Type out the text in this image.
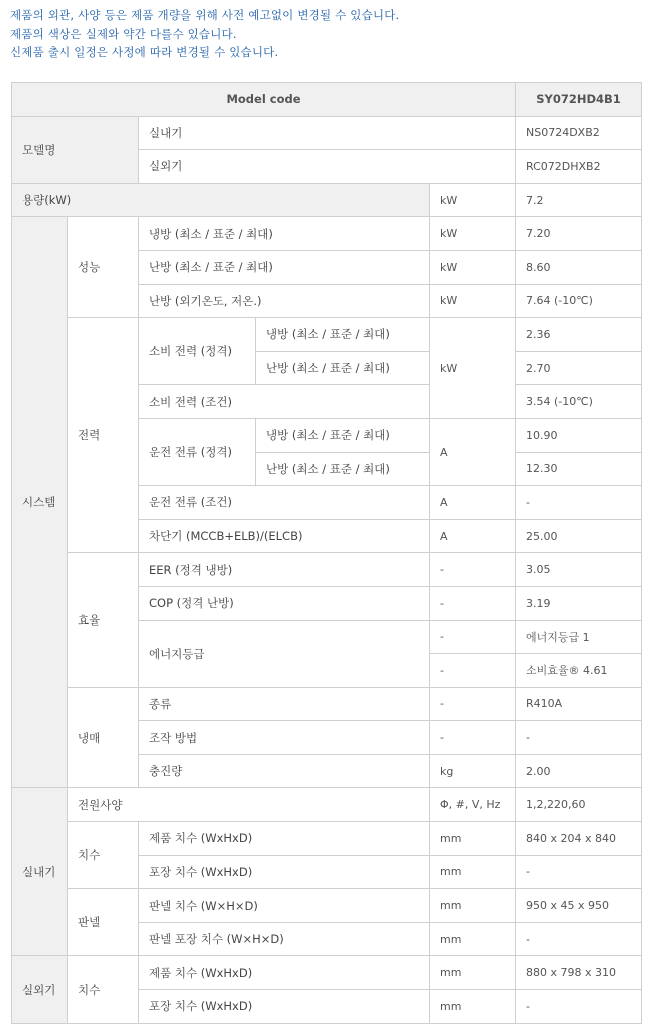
제품의 외관, 사양 등은 제품 개량을 위해 사전 예고없이 변경될 수 있습니다.
제품의 색상은 실제와 약간 다를수 있습니다.
신제품 출시 일정은 사정에 따라 변경될 수 있습니다.
Model code					SY072HD4B1
모델명		실내기			NS0724DXB2
		실외기			RC072DHXB2
용량(kW)				kW	7.2
시스템	성능	냉방 (최소 / 표준 / 최대)		kW	7.20
		난방 (최소 / 표준 / 최대)		kW	8.60
		난방 (외기온도, 저온.)		kW	7.64 (-10℃)
	전력	소비 전력 (정격)	냉방 (최소 / 표준 / 최대)	kW	2.36
			난방 (최소 / 표준 / 최대)		2.70
		소비 전력 (조건)			3.54 (-10℃)
		운전 전류 (정격)	냉방 (최소 / 표준 / 최대)	A	10.90
			난방 (최소 / 표준 / 최대)		12.30
		운전 전류 (조건)		A	-
		차단기 (MCCB+ELB)/(ELCB)		A	25.00
	효율	EER (정격 냉방)		-	3.05
		COP (정격 난방)		-	3.19
		에너지등급		-	에너지등급 1
				-	소비효율® 4.61
	냉매	종류		-	R410A
		조작 방법		-	-
		충진량		kg	2.00
실내기	전원사양			Φ, #, V, Hz	1,2,220,60
	치수	제품 치수 (WxHxD)		mm	840 x 204 x 840
		포장 치수 (WxHxD)		mm	-
	판넬	판넬 치수 (W×H×D)		mm	950 x 45 x 950
		판넬 포장 치수 (W×H×D)		mm	-
실외기	치수	제품 치수 (WxHxD)		mm	880 x 798 x 310
		포장 치수 (WxHxD)		mm	-
